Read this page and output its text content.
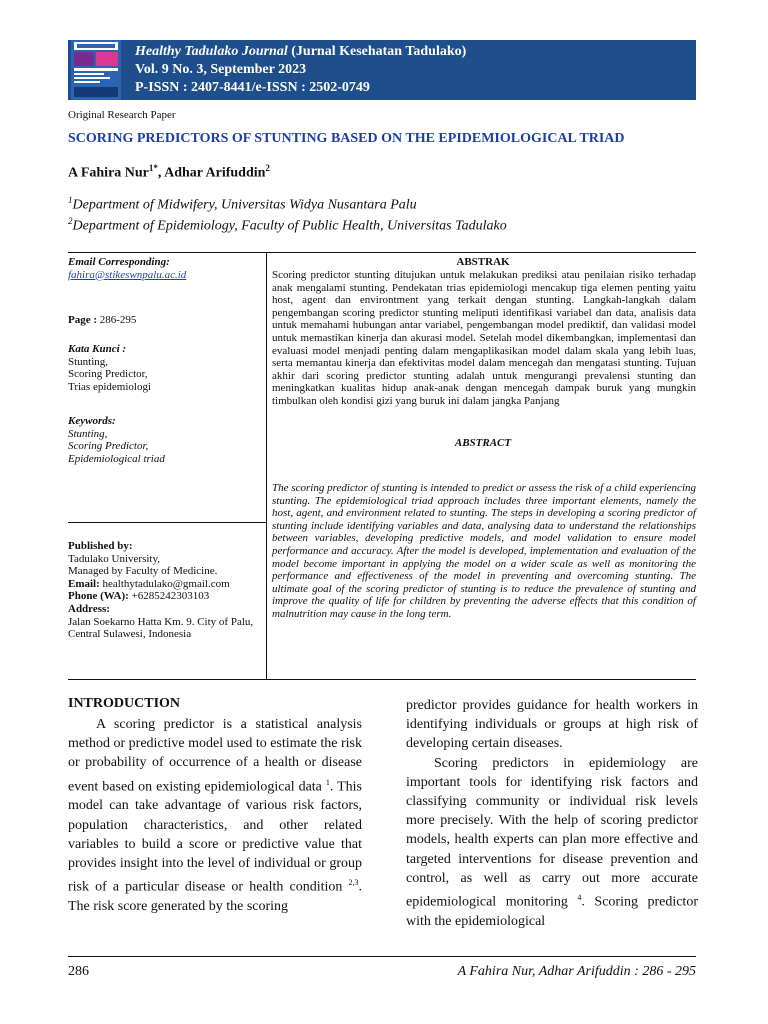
Healthy Tadulako Journal (Jurnal Kesehatan Tadulako)
Vol. 9 No. 3, September 2023
P-ISSN : 2407-8441/e-ISSN : 2502-0749
Original Research Paper
SCORING PREDICTORS OF STUNTING BASED ON THE EPIDEMIOLOGICAL TRIAD
A Fahira Nur$^{1*}$, Adhar Arifuddin$^2$
$^1$Department of Midwifery, Universitas Widya Nusantara Palu
$^2$Department of Epidemiology, Faculty of Public Health, Universitas Tadulako
Email Corresponding:
fahira@stikeswnpalu.ac.id
Page : 286-295
Kata Kunci :
Stunting,
Scoring Predictor,
Trias epidemiologi
Keywords:
Stunting,
Scoring Predictor,
Epidemiological triad
Published by:
Tadulako University,
Managed by Faculty of Medicine.
Email: healthytadulako@gmail.com
Phone (WA): +6285242303103
Address:
Jalan Soekarno Hatta Km. 9. City of Palu, Central Sulawesi, Indonesia
ABSTRAK
Scoring predictor stunting ditujukan untuk melakukan prediksi atau penilaian risiko terhadap anak mengalami stunting. Pendekatan trias epidemiologi mencakup tiga elemen penting yaitu host, agent dan environtment yang terkait dengan stunting. Langkah-langkah dalam pengembangan scoring predictor stunting meliputi identifikasi variabel dan data, analisis data untuk memahami hubungan antar variabel, pengembangan model prediktif, dan validasi model untuk memastikan kinerja dan akurasi model. Setelah model dikembangkan, implementasi dan evaluasi model menjadi penting dalam mengaplikasikan model dalam skala yang lebih luas, serta memantau kinerja dan efektivitas model dalam mencegah dan mengatasi stunting. Tujuan akhir dari scoring predictor stunting adalah untuk mengurangi prevalensi stunting dan meningkatkan kualitas hidup anak-anak dengan mencegah dampak buruk yang mungkin timbulkan oleh kondisi gizi yang buruk ini dalam jangka Panjang
ABSTRACT
The scoring predictor of stunting is intended to predict or assess the risk of a child experiencing stunting. The epidemiological triad approach includes three important elements, namely the host, agent, and environment related to stunting. The steps in developing a scoring predictor of stunting include identifying variables and data, analysing data to understand the relationships between variables, developing predictive models, and model validation to ensure model performance and accuracy. After the model is developed, implementation and evaluation of the model become important in applying the model on a wider scale as well as monitoring the performance and effectiveness of the model in preventing and overcoming stunting. The ultimate goal of the scoring predictor of stunting is to reduce the prevalence of stunting and improve the quality of life for children by preventing the adverse effects that this condition of malnutrition may cause in the long term.
INTRODUCTION

A scoring predictor is a statistical analysis method or predictive model used to estimate the risk or probability of occurrence of a health or disease event based on existing epidemiological data $^1$. This model can take advantage of various risk factors, population characteristics, and other related variables to build a score or predictive value that provides insight into the level of individual or group risk of a particular disease or health condition $^{2,3}$. The risk score generated by the scoring

predictor provides guidance for health workers in identifying individuals or groups at high risk of developing certain diseases.

Scoring predictors in epidemiology are important tools for identifying risk factors and classifying community or individual risk levels more precisely. With the help of scoring predictor models, health experts can plan more effective and targeted interventions for disease prevention and control, as well as carry out more accurate epidemiological monitoring $^4$. Scoring predictor with the epidemiological

286	A Fahira Nur, Adhar Arifuddin : 286 - 295
